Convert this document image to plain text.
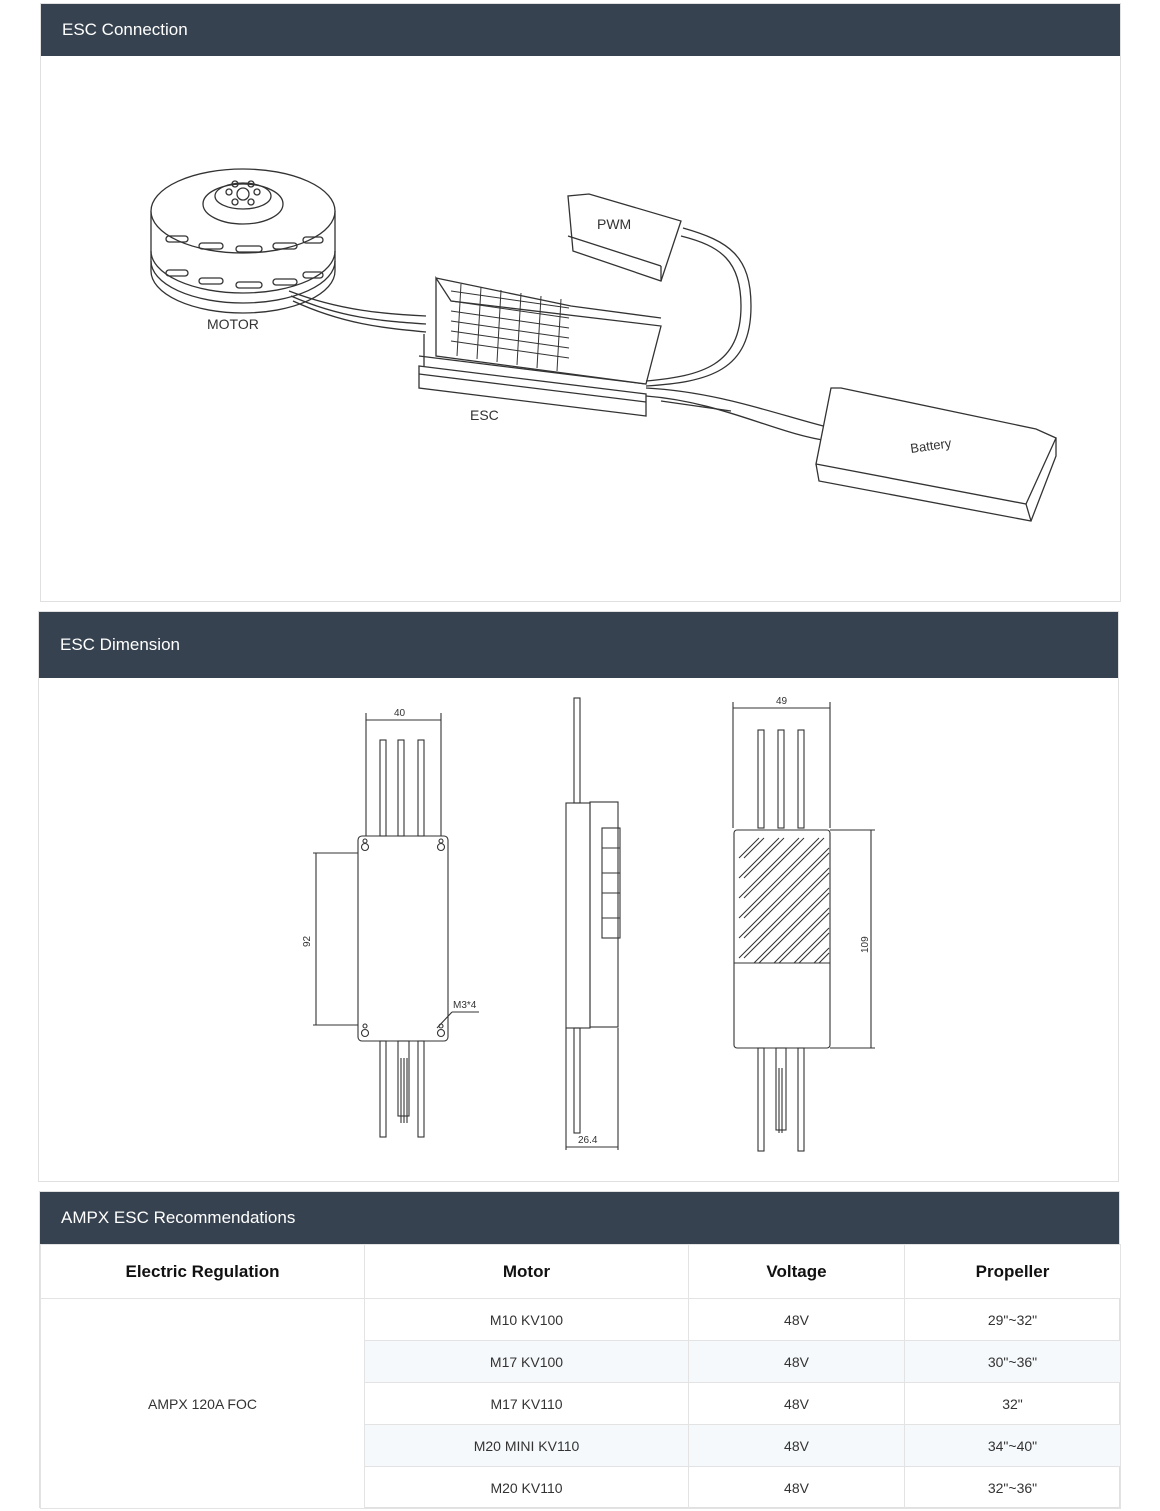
ESC Connection
MOTOR
ESC
PWM
Battery
ESC Dimension
40
92
M3*4
26.4
49
109
AMPX ESC Recommendations
Electric Regulation	Motor	Voltage	Propeller
AMPX 120A FOC	M10 KV100	48V	29"~32"
	M17 KV100	48V	30"~36"
	M17 KV110	48V	32"
	M20 MINI KV110	48V	34"~40"
	M20 KV110	48V	32"~36"
